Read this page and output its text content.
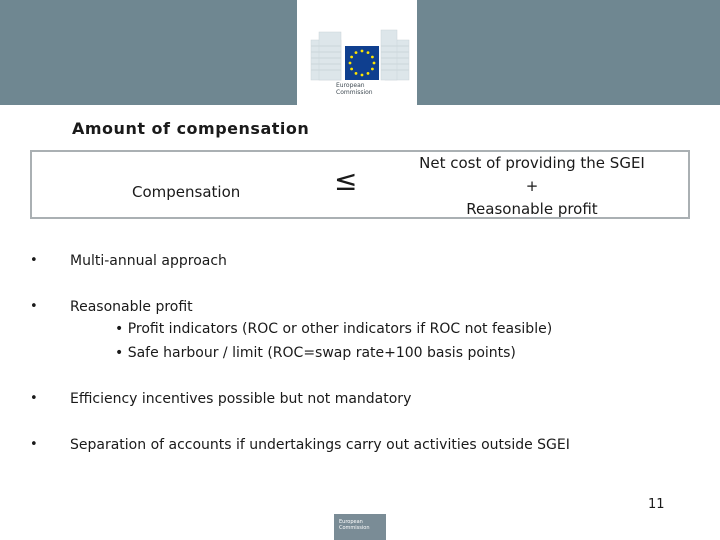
European
Commission
Amount of compensation
Compensation	≤
Net cost of providing the SGEI
+
Reasonable profit
• Multi-annual approach
• Reasonable profit
• Profit indicators (ROC or other indicators if ROC not feasible)
• Safe harbour / limit (ROC=swap rate+100 basis points)
• Efficiency incentives possible but not mandatory
• Separation of accounts if undertakings carry out activities outside SGEI
11
European Commission
